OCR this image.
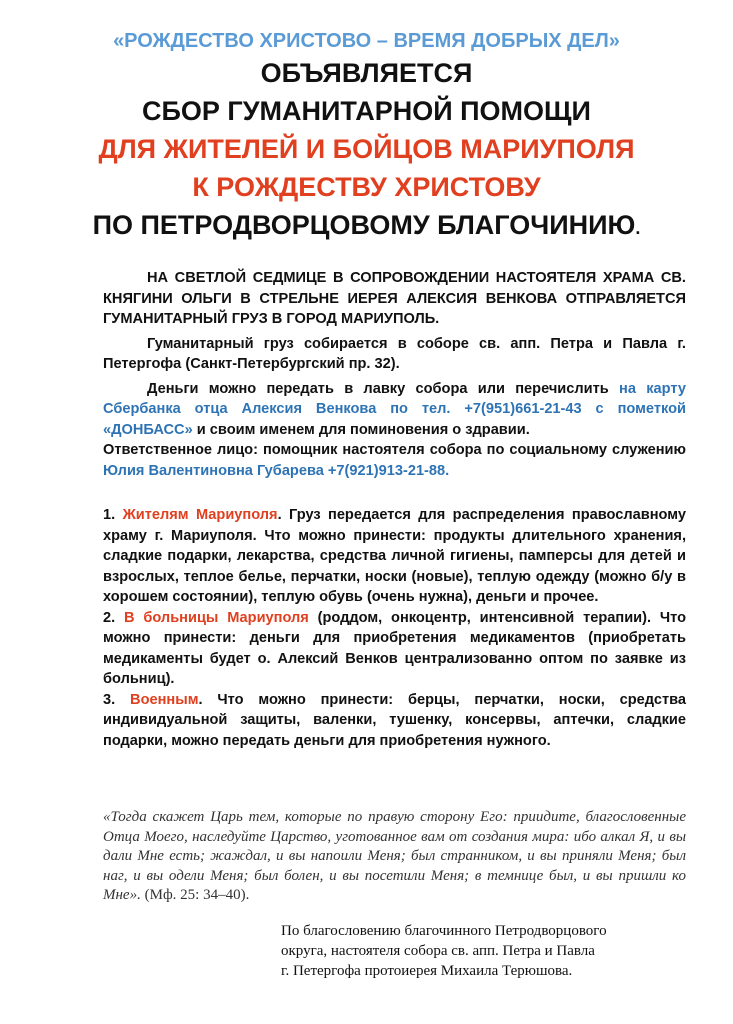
«РОЖДЕСТВО ХРИСТОВО – ВРЕМЯ ДОБРЫХ ДЕЛ»
ОБЪЯВЛЯЕТСЯ
СБОР ГУМАНИТАРНОЙ ПОМОЩИ
ДЛЯ ЖИТЕЛЕЙ И БОЙЦОВ МАРИУПОЛЯ
К РОЖДЕСТВУ ХРИСТОВУ
ПО ПЕТРОДВОРЦОВОМУ БЛАГОЧИНИЮ.

НА СВЕТЛОЙ СЕДМИЦЕ В СОПРОВОЖДЕНИИ НАСТОЯТЕЛЯ ХРАМА СВ. КНЯГИНИ ОЛЬГИ В СТРЕЛЬНЕ ИЕРЕЯ АЛЕКСИЯ ВЕНКОВА ОТПРАВЛЯЕТСЯ ГУМАНИТАРНЫЙ ГРУЗ В ГОРОД МАРИУПОЛЬ.

Гуманитарный груз собирается в соборе св. апп. Петра и Павла г. Петергофа (Санкт-Петербургский пр. 32).

Деньги можно передать в лавку собора или перечислить на карту Сбербанка отца Алексия Венкова по тел. +7(951)661-21-43 с пометкой «ДОНБАСС» и своим именем для поминовения о здравии.

Ответственное лицо: помощник настоятеля собора по социальному служению Юлия Валентиновна Губарева +7(921)913-21-88.

1. Жителям Мариуполя. Груз передается для распределения православному храму г. Мариуполя. Что можно принести: продукты длительного хранения, сладкие подарки, лекарства, средства личной гигиены, памперсы для детей и взрослых, теплое белье, перчатки, носки (новые), теплую одежду (можно б/у в хорошем состоянии), теплую обувь (очень нужна), деньги и прочее.

2. В больницы Мариуполя (роддом, онкоцентр, интенсивной терапии). Что можно принести: деньги для приобретения медикаментов (приобретать медикаменты будет о. Алексий Венков централизованно оптом по заявке из больниц).

3. Военным. Что можно принести: берцы, перчатки, носки, средства индивидуальной защиты, валенки, тушенку, консервы, аптечки, сладкие подарки, можно передать деньги для приобретения нужного.

«Тогда скажет Царь тем, которые по правую сторону Его: приидите, благословенные Отца Моего, наследуйте Царство, уготованное вам от создания мира: ибо алкал Я, и вы дали Мне есть; жаждал, и вы напоили Меня; был странником, и вы приняли Меня; был наг, и вы одели Меня; был болен, и вы посетили Меня; в темнице был, и вы пришли ко Мне». (Мф. 25: 34–40).
По благословению благочинного Петродворцового
округа, настоятеля собора св. апп. Петра и Павла
г. Петергофа протоиерея Михаила Терюшова.
